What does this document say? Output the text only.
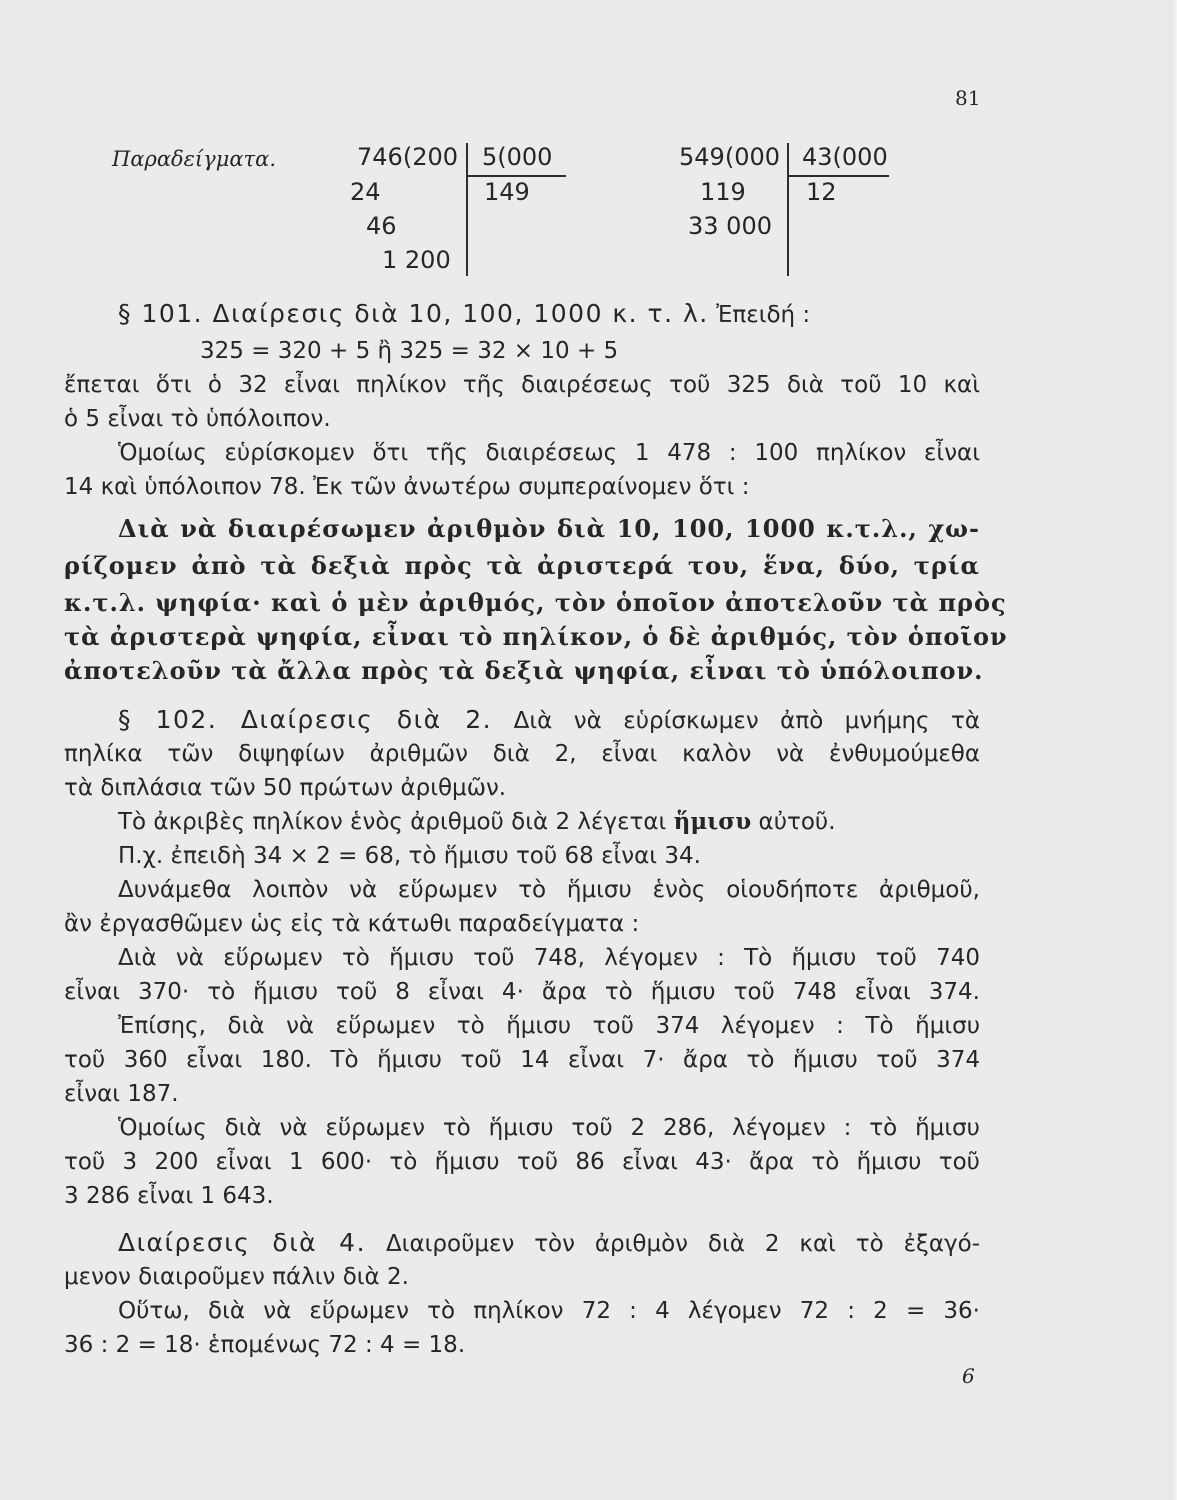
81
Παραδείγματα.	746(200 5(000
149
24
46
1 200
549(000 43(000
12
119
33 000
§ 101. Διαίρεσις διὰ 10, 100, 1000 κ. τ. λ. Ἐπειδή :
325 = 320 + 5 ἢ 325 = 32 × 10 + 5
ἔπεται ὅτι ὁ 32 εἶναι πηλίκον τῆς διαιρέσεως τοῦ 325 διὰ τοῦ 10 καὶ
ὁ 5 εἶναι τὸ ὑπόλοιπον.
Ὁμοίως εὑρίσκομεν ὅτι τῆς διαιρέσεως 1 478 : 100 πηλίκον εἶναι
14 καὶ ὑπόλοιπον 78. Ἐκ τῶν ἀνωτέρω συμπεραίνομεν ὅτι :
Διὰ νὰ διαιρέσωμεν ἀριθμὸν διὰ 10, 100, 1000 κ.τ.λ., χω-
ρίζομεν ἀπὸ τὰ δεξιὰ πρὸς τὰ ἀριστερά του, ἕνα, δύο, τρία
κ.τ.λ. ψηφία· καὶ ὁ μὲν ἀριθμός, τὸν ὁποῖον ἀποτελοῦν τὰ πρὸς
τὰ ἀριστερὰ ψηφία, εἶναι τὸ πηλίκον, ὁ δὲ ἀριθμός, τὸν ὁποῖον
ἀποτελοῦν τὰ ἄλλα πρὸς τὰ δεξιὰ ψηφία, εἶναι τὸ ὑπόλοιπον.
§ 102. Διαίρεσις διὰ 2. Διὰ νὰ εὑρίσκωμεν ἀπὸ μνήμης τὰ
πηλίκα τῶν διψηφίων ἀριθμῶν διὰ 2, εἶναι καλὸν νὰ ἐνθυμούμεθα
τὰ διπλάσια τῶν 50 πρώτων ἀριθμῶν.
Τὸ ἀκριβὲς πηλίκον ἑνὸς ἀριθμοῦ διὰ 2 λέγεται ἥμισυ αὐτοῦ.
Π.χ. ἐπειδὴ 34 × 2 = 68, τὸ ἥμισυ τοῦ 68 εἶναι 34.
Δυνάμεθα λοιπὸν νὰ εὕρωμεν τὸ ἥμισυ ἑνὸς οἱουδήποτε ἀριθμοῦ,
ἂν ἐργασθῶμεν ὡς εἰς τὰ κάτωθι παραδείγματα :
Διὰ νὰ εὕρωμεν τὸ ἥμισυ τοῦ 748, λέγομεν : Τὸ ἥμισυ τοῦ 740
εἶναι 370· τὸ ἥμισυ τοῦ 8 εἶναι 4· ἄρα τὸ ἥμισυ τοῦ 748 εἶναι 374.
Ἐπίσης, διὰ νὰ εὕρωμεν τὸ ἥμισυ τοῦ 374 λέγομεν : Τὸ ἥμισυ
τοῦ 360 εἶναι 180. Τὸ ἥμισυ τοῦ 14 εἶναι 7· ἄρα τὸ ἥμισυ τοῦ 374
εἶναι 187.
Ὁμοίως διὰ νὰ εὕρωμεν τὸ ἥμισυ τοῦ 2 286, λέγομεν : τὸ ἥμισυ
τοῦ 3 200 εἶναι 1 600· τὸ ἥμισυ τοῦ 86 εἶναι 43· ἄρα τὸ ἥμισυ τοῦ
3 286 εἶναι 1 643.
Διαίρεσις διὰ 4. Διαιροῦμεν τὸν ἀριθμὸν διὰ 2 καὶ τὸ ἐξαγό-
μενον διαιροῦμεν πάλιν διὰ 2.
Οὕτω, διὰ νὰ εὕρωμεν τὸ πηλίκον 72 : 4 λέγομεν 72 : 2 = 36·
36 : 2 = 18· ἑπομένως 72 : 4 = 18.
6
